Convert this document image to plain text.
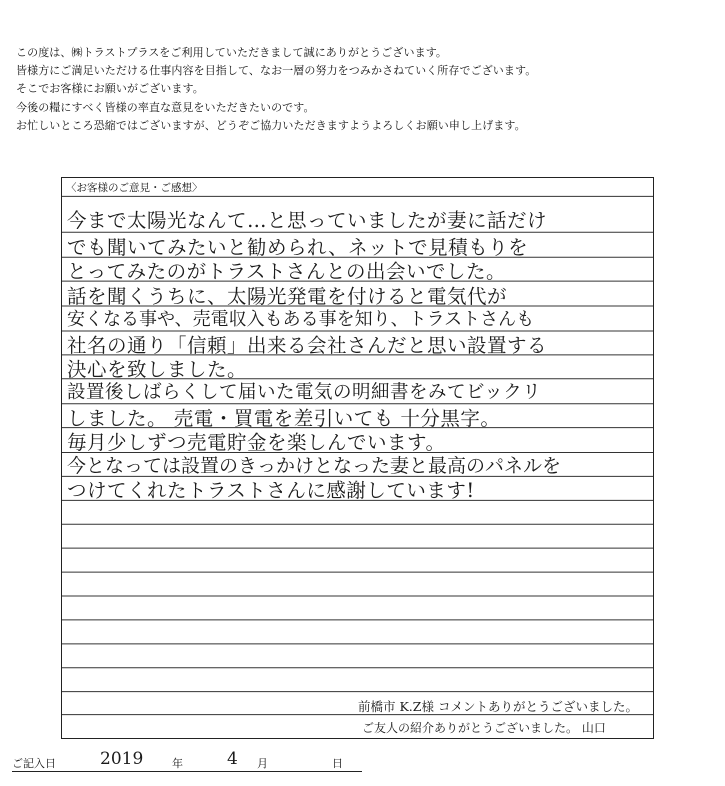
この度は、㈱トラストプラスをご利用していただきまして誠にありがとうございます。
皆様方にご満足いただける仕事内容を目指して、なお一層の努力をつみかさねていく所存でございます。
そこでお客様にお願いがございます。
今後の糧にすべく皆様の率直な意見をいただきたいのです。
お忙しいところ恐縮ではございますが、どうぞご協力いただきますようよろしくお願い申し上げます。
〈お客様のご意見・ご感想〉
今まで太陽光なんて…と思っていましたが妻に話だけ
でも聞いてみたいと勧められ、ネットで見積もりを
とってみたのがトラストさんとの出会いでした。
話を聞くうちに、太陽光発電を付けると電気代が
安くなる事や、売電収入もある事を知り、トラストさんも
社名の通り「信頼」出来る会社さんだと思い設置する
決心を致しました。
設置後しばらくして届いた電気の明細書をみてビックリ
しました。 売電・買電を差引いても 十分黒字。
毎月少しずつ売電貯金を楽しんでいます。
今となっては設置のきっかけとなった妻と最高のパネルを
つけてくれたトラストさんに感謝しています!
前橋市 K.Z様 コメントありがとうございました。
ご友人の紹介ありがとうございました。 山口
ご記入日	2019	年	4 月	日
